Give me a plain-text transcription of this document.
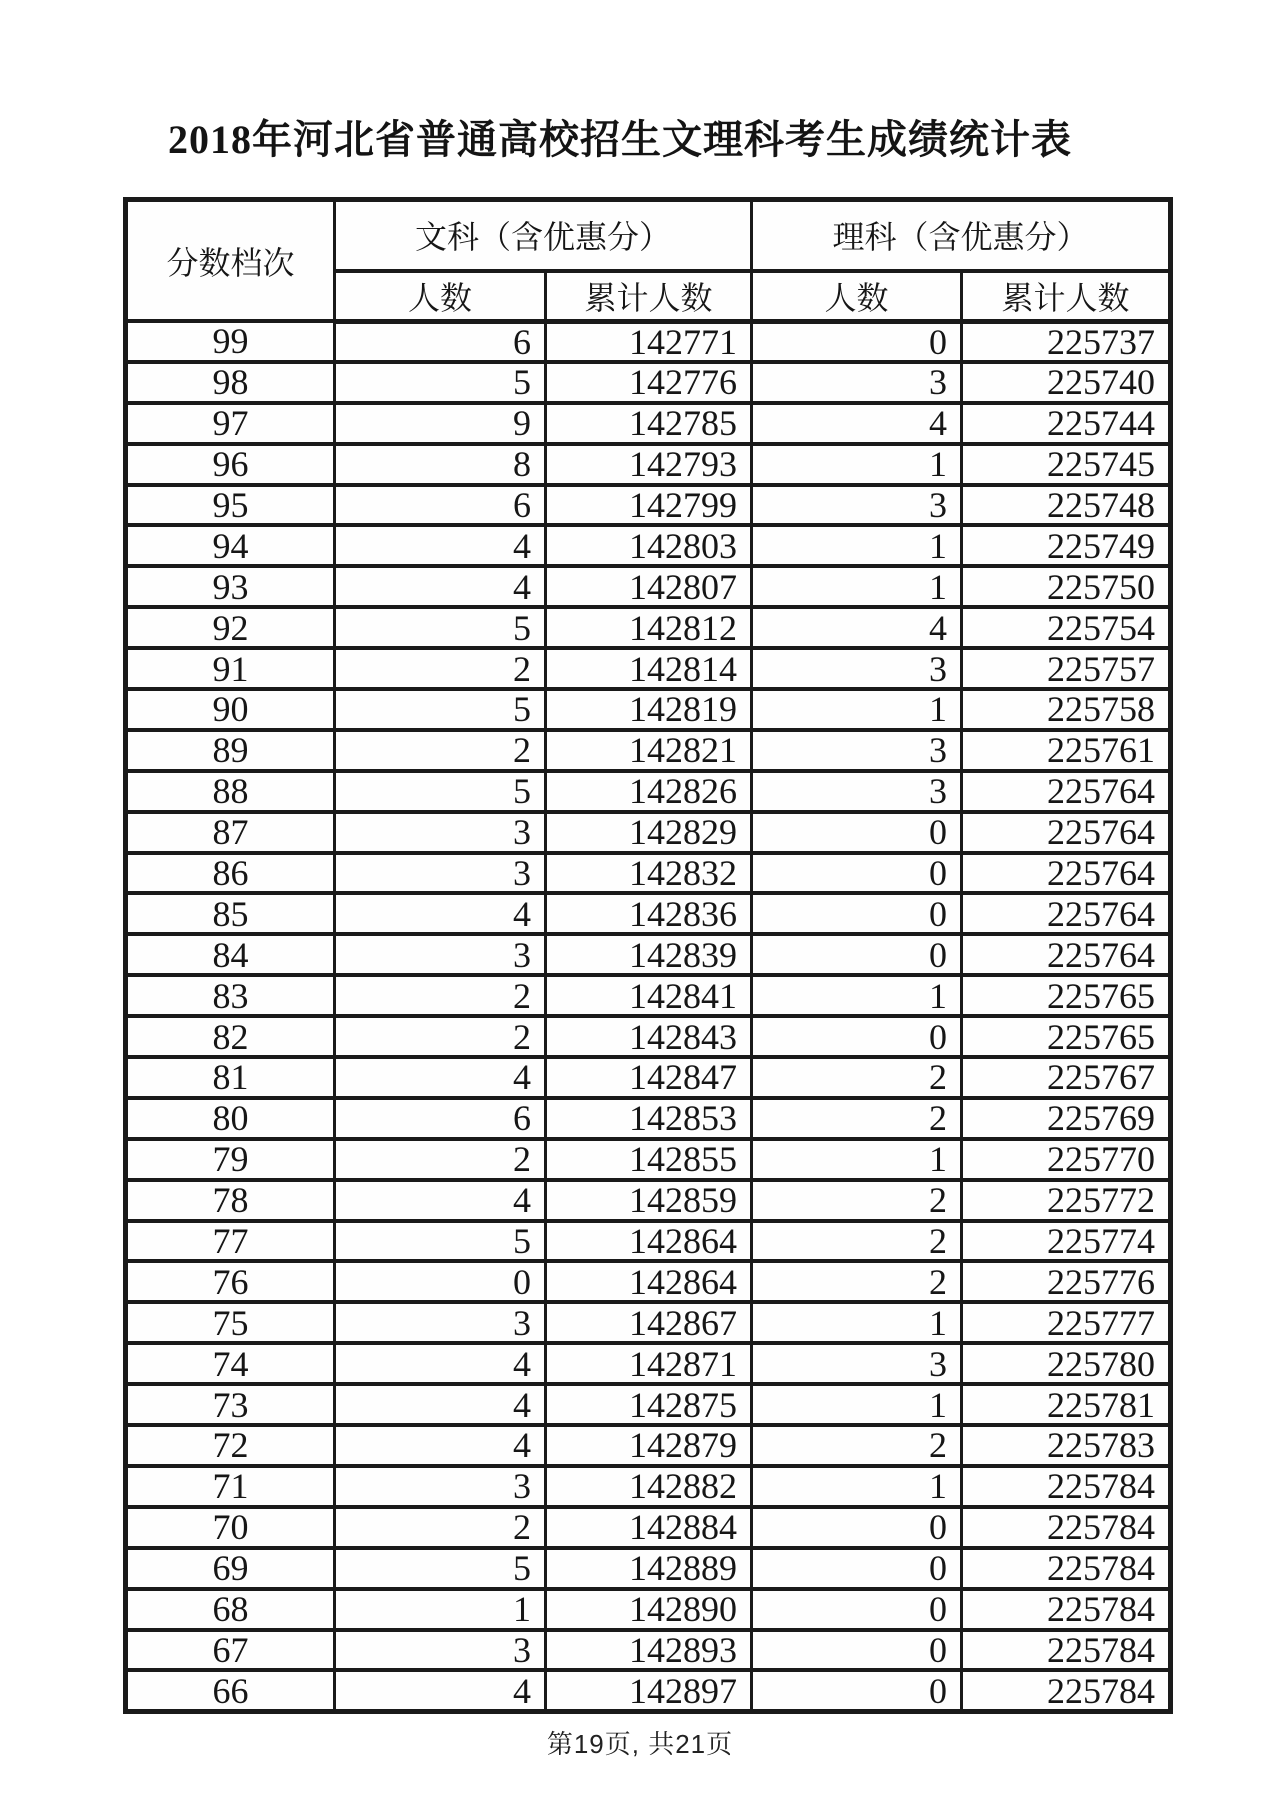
2018年河北省普通高校招生文理科考生成绩统计表
分数档次	文科（含优惠分）		理科（含优惠分）	
	人数	累计人数	人数	累计人数
99	6	142771	0	225737
98	5	142776	3	225740
97	9	142785	4	225744
96	8	142793	1	225745
95	6	142799	3	225748
94	4	142803	1	225749
93	4	142807	1	225750
92	5	142812	4	225754
91	2	142814	3	225757
90	5	142819	1	225758
89	2	142821	3	225761
88	5	142826	3	225764
87	3	142829	0	225764
86	3	142832	0	225764
85	4	142836	0	225764
84	3	142839	0	225764
83	2	142841	1	225765
82	2	142843	0	225765
81	4	142847	2	225767
80	6	142853	2	225769
79	2	142855	1	225770
78	4	142859	2	225772
77	5	142864	2	225774
76	0	142864	2	225776
75	3	142867	1	225777
74	4	142871	3	225780
73	4	142875	1	225781
72	4	142879	2	225783
71	3	142882	1	225784
70	2	142884	0	225784
69	5	142889	0	225784
68	1	142890	0	225784
67	3	142893	0	225784
66	4	142897	0	225784
第19页, 共21页
